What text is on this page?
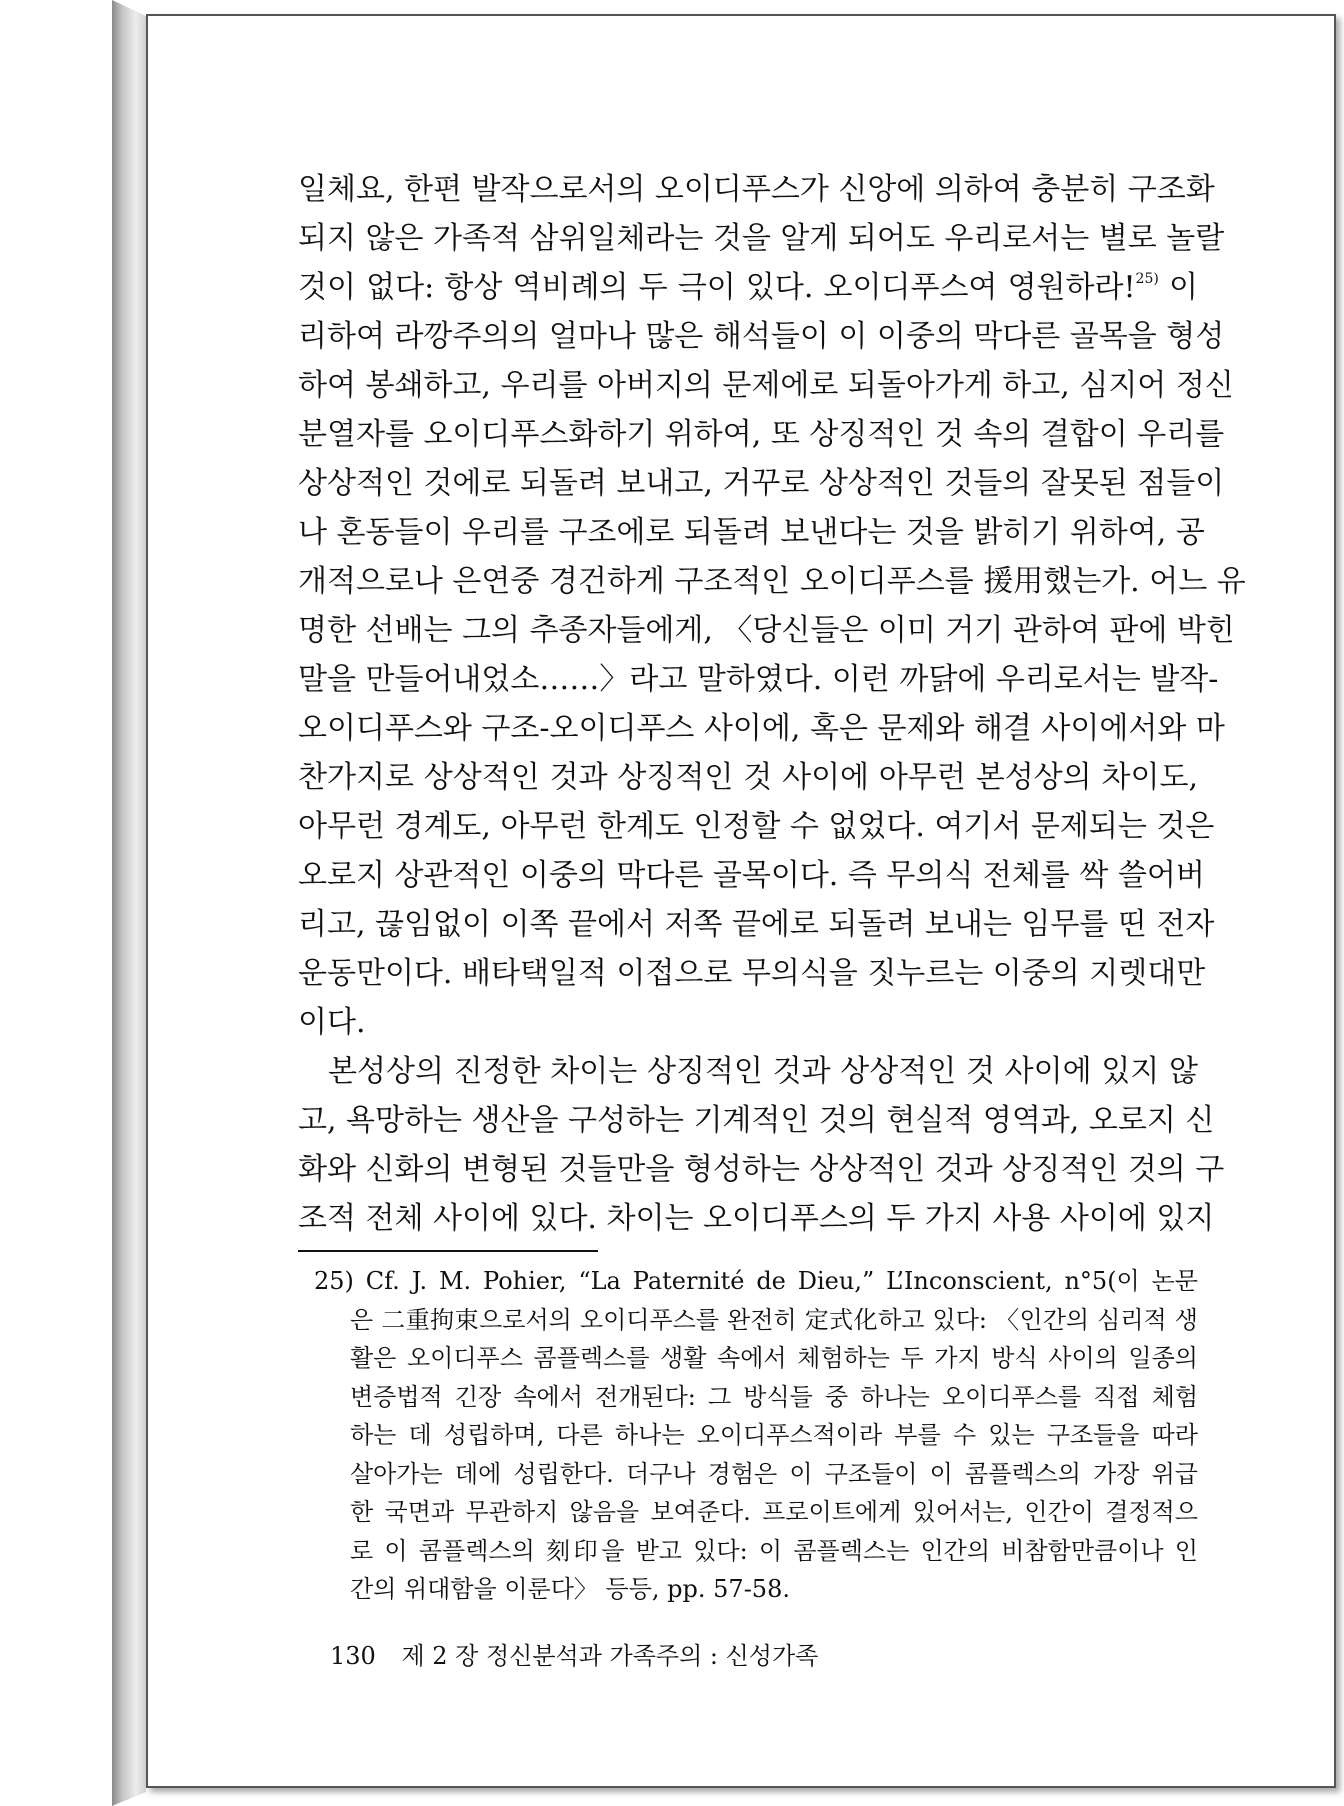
일체요, 한편 발작으로서의 오이디푸스가 신앙에 의하여 충분히 구조화
되지 않은 가족적 삼위일체라는 것을 알게 되어도 우리로서는 별로 놀랄
것이 없다: 항상 역비례의 두 극이 있다. 오이디푸스여 영원하라!$^{25)}$ 이
리하여 라깡주의의 얼마나 많은 해석들이 이 이중의 막다른 골목을 형성
하여 봉쇄하고, 우리를 아버지의 문제에로 되돌아가게 하고, 심지어 정신
분열자를 오이디푸스화하기 위하여, 또 상징적인 것 속의 결합이 우리를
상상적인 것에로 되돌려 보내고, 거꾸로 상상적인 것들의 잘못된 점들이
나 혼동들이 우리를 구조에로 되돌려 보낸다는 것을 밝히기 위하여, 공
개적으로나 은연중 경건하게 구조적인 오이디푸스를 援用했는가. 어느 유
명한 선배는 그의 추종자들에게, 〈당신들은 이미 거기 관하여 판에 박힌
말을 만들어내었소……〉라고 말하였다. 이런 까닭에 우리로서는 발작-
오이디푸스와 구조-오이디푸스 사이에, 혹은 문제와 해결 사이에서와 마
찬가지로 상상적인 것과 상징적인 것 사이에 아무런 본성상의 차이도,
아무런 경계도, 아무런 한계도 인정할 수 없었다. 여기서 문제되는 것은
오로지 상관적인 이중의 막다른 골목이다. 즉 무의식 전체를 싹 쓸어버
리고, 끊임없이 이쪽 끝에서 저쪽 끝에로 되돌려 보내는 임무를 띤 전자
운동만이다. 배타택일적 이접으로 무의식을 짓누르는 이중의 지렛대만
이다.
본성상의 진정한 차이는 상징적인 것과 상상적인 것 사이에 있지 않
고, 욕망하는 생산을 구성하는 기계적인 것의 현실적 영역과, 오로지 신
화와 신화의 변형된 것들만을 형성하는 상상적인 것과 상징적인 것의 구
조적 전체 사이에 있다. 차이는 오이디푸스의 두 가지 사용 사이에 있지
25) Cf. J. M. Pohier, “La Paternité de Dieu,” L’Inconscient, n°5(이 논문
은 二重拘束으로서의 오이디푸스를 완전히 定式化하고 있다: 〈인간의 심리적 생
활은 오이디푸스 콤플렉스를 생활 속에서 체험하는 두 가지 방식 사이의 일종의
변증법적 긴장 속에서 전개된다: 그 방식들 중 하나는 오이디푸스를 직접 체험
하는 데 성립하며, 다른 하나는 오이디푸스적이라 부를 수 있는 구조들을 따라
살아가는 데에 성립한다. 더구나 경험은 이 구조들이 이 콤플렉스의 가장 위급
한 국면과 무관하지 않음을 보여준다. 프로이트에게 있어서는, 인간이 결정적으
로 이 콤플렉스의 刻印을 받고 있다: 이 콤플렉스는 인간의 비참함만큼이나 인
간의 위대함을 이룬다〉 등등, pp. 57-58.
130 제 2 장 정신분석과 가족주의 : 신성가족
